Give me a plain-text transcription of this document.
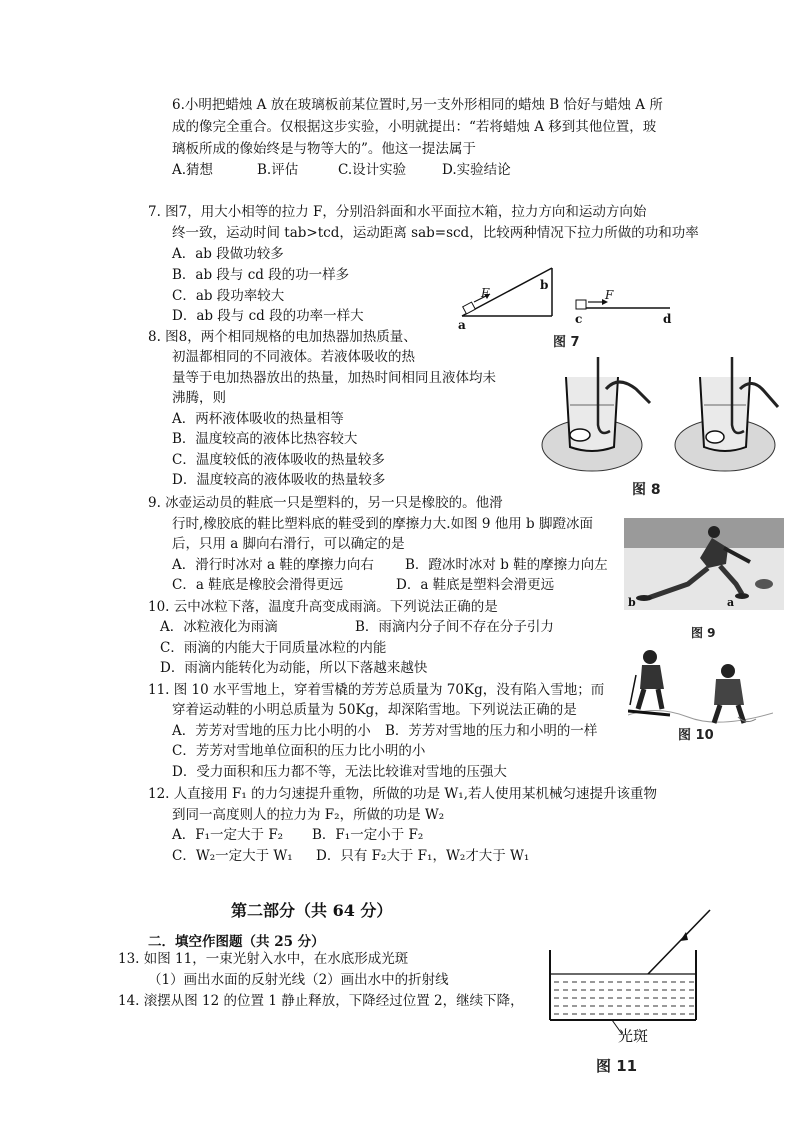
6.小明把蜡烛 A 放在玻璃板前某位置时,另一支外形相同的蜡烛 B 恰好与蜡烛 A 所
成的像完全重合。仅根据这步实验，小明就提出：“若将蜡烛 A 移到其他位置，玻
璃板所成的像始终是与物等大的”。他这一提法属于
A.猜想	B.评估	C.设计实验	D.实验结论
7. 图7，用大小相等的拉力 F，分别沿斜面和水平面拉木箱，拉力方向和运动方向始
终一致，运动时间 tab>tcd，运动距离 sab=scd，比较两种情况下拉力所做的功和功率
A．ab 段做功较多
B．ab 段与 cd 段的功一样多
C．ab 段功率较大
D．ab 段与 cd 段的功率一样大
F
b
a
F
c	d
图 7
8. 图8，两个相同规格的电加热器加热质量、
初温都相同的不同液体。若液体吸收的热
量等于电加热器放出的热量，加热时间相同且液体均未
沸腾，则
A．两杯液体吸收的热量相等
B．温度较高的液体比热容较大
C．温度较低的液体吸收的热量较多
D．温度较高的液体吸收的热量较多
图 8
9. 冰壶运动员的鞋底一只是塑料的，另一只是橡胶的。他滑
行时,橡胶底的鞋比塑料底的鞋受到的摩擦力大.如图 9 他用 b 脚蹬冰面
后，只用 a 脚向右滑行，可以确定的是
A．滑行时冰对 a 鞋的摩擦力向右 B．蹬冰时冰对 b 鞋的摩擦力向左
C．a 鞋底是橡胶会滑得更远	D．a 鞋底是塑料会滑更远
b	a
图 9
10. 云中冰粒下落，温度升高变成雨滴。下列说法正确的是
A．冰粒液化为雨滴	B．雨滴内分子间不存在分子引力
C．雨滴的内能大于同质量冰粒的内能
D．雨滴内能转化为动能，所以下落越来越快
图 10
11. 图 10 水平雪地上，穿着雪橇的芳芳总质量为 70Kg，没有陷入雪地；而
穿着运动鞋的小明总质量为 50Kg，却深陷雪地。下列说法正确的是
A．芳芳对雪地的压力比小明的小 B．芳芳对雪地的压力和小明的一样
C．芳芳对雪地单位面积的压力比小明的小
D．受力面积和压力都不等，无法比较谁对雪地的压强大
12. 人直接用 F₁ 的力匀速提升重物，所做的功是 W₁,若人使用某机械匀速提升该重物
到同一高度则人的拉力为 F₂，所做的功是 W₂
A．F₁一定大于 F₂ B．F₁一定小于 F₂
C．W₂一定大于 W₁ D．只有 F₂大于 F₁，W₂才大于 W₁
第二部分（共 64 分）
二．填空作图题（共 25 分）
13. 如图 11，一束光射入水中，在水底形成光斑
（1）画出水面的反射光线（2）画出水中的折射线
14. 滚摆从图 12 的位置 1 静止释放，下降经过位置 2，继续下降，
光斑
图 11
